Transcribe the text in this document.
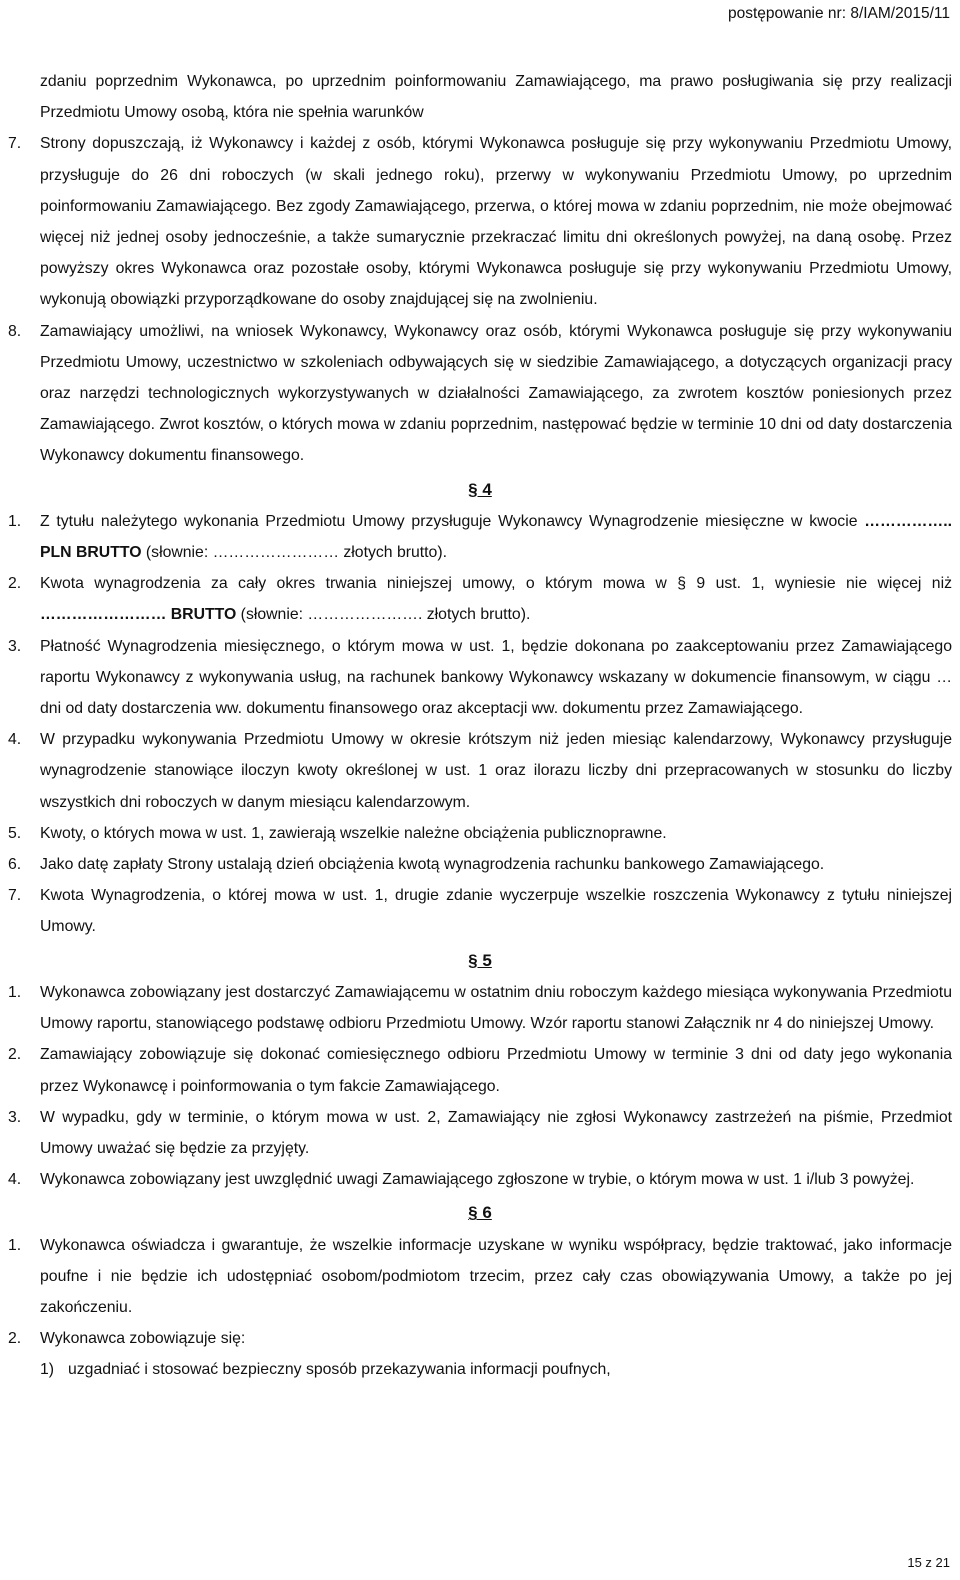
postępowanie nr: 8/IAM/2015/11

zdaniu poprzednim Wykonawca, po uprzednim poinformowaniu Zamawiającego, ma prawo posługiwania się przy realizacji Przedmiotu Umowy osobą, która nie spełnia warunków

7.	Strony dopuszczają, iż Wykonawcy i każdej z osób, którymi Wykonawca posługuje się przy wykonywaniu Przedmiotu Umowy, przysługuje do 26 dni roboczych (w skali jednego roku), przerwy w wykonywaniu Przedmiotu Umowy, po uprzednim poinformowaniu Zamawiającego. Bez zgody Zamawiającego, przerwa, o której mowa w zdaniu poprzednim, nie może obejmować więcej niż jednej osoby jednocześnie, a także sumarycznie przekraczać limitu dni określonych powyżej, na daną osobę. Przez powyższy okres Wykonawca oraz pozostałe osoby, którymi Wykonawca posługuje się przy wykonywaniu Przedmiotu Umowy, wykonują obowiązki przyporządkowane do osoby znajdującej się na zwolnieniu.
8.	Zamawiający umożliwi, na wniosek Wykonawcy, Wykonawcy oraz osób, którymi Wykonawca posługuje się przy wykonywaniu Przedmiotu Umowy, uczestnictwo w szkoleniach odbywających się w siedzibie Zamawiającego, a dotyczących organizacji pracy oraz narzędzi technologicznych wykorzystywanych w działalności Zamawiającego, za zwrotem kosztów poniesionych przez Zamawiającego. Zwrot kosztów, o których mowa w zdaniu poprzednim, następować będzie w terminie 10 dni od daty dostarczenia Wykonawcy dokumentu finansowego.
§ 4
1.	Z tytułu należytego wykonania Przedmiotu Umowy przysługuje Wykonawcy Wynagrodzenie miesięczne w kwocie …………….. PLN BRUTTO (słownie: …………………… złotych brutto).
2.	Kwota wynagrodzenia za cały okres trwania niniejszej umowy, o którym mowa w § 9 ust. 1, wyniesie nie więcej niż …………………… BRUTTO (słownie: …………………. złotych brutto).
3.	Płatność Wynagrodzenia miesięcznego, o którym mowa w ust. 1, będzie dokonana po zaakceptowaniu przez Zamawiającego raportu Wykonawcy z wykonywania usług, na rachunek bankowy Wykonawcy wskazany w dokumencie finansowym, w ciągu … dni od daty dostarczenia ww. dokumentu finansowego oraz akceptacji ww. dokumentu przez Zamawiającego.
4.	W przypadku wykonywania Przedmiotu Umowy w okresie krótszym niż jeden miesiąc kalendarzowy, Wykonawcy przysługuje wynagrodzenie stanowiące iloczyn kwoty określonej w ust. 1 oraz ilorazu liczby dni przepracowanych w stosunku do liczby wszystkich dni roboczych w danym miesiącu kalendarzowym.
5.	Kwoty, o których mowa w ust. 1, zawierają wszelkie należne obciążenia publicznoprawne.
6.	Jako datę zapłaty Strony ustalają dzień obciążenia kwotą wynagrodzenia rachunku bankowego Zamawiającego.
7.	Kwota Wynagrodzenia, o której mowa w ust. 1, drugie zdanie wyczerpuje wszelkie roszczenia Wykonawcy z tytułu niniejszej Umowy.
§ 5
1.	Wykonawca zobowiązany jest dostarczyć Zamawiającemu w ostatnim dniu roboczym każdego miesiąca wykonywania Przedmiotu Umowy raportu, stanowiącego podstawę odbioru Przedmiotu Umowy. Wzór raportu stanowi Załącznik nr 4 do niniejszej Umowy.
2.	Zamawiający zobowiązuje się dokonać comiesięcznego odbioru Przedmiotu Umowy w terminie 3 dni od daty jego wykonania przez Wykonawcę i poinformowania o tym fakcie Zamawiającego.
3.	W wypadku, gdy w terminie, o którym mowa w ust. 2, Zamawiający nie zgłosi Wykonawcy zastrzeżeń na piśmie, Przedmiot Umowy uważać się będzie za przyjęty.
4.	Wykonawca zobowiązany jest uwzględnić uwagi Zamawiającego zgłoszone w trybie, o którym mowa w ust. 1 i/lub 3 powyżej.
§ 6
1.	Wykonawca oświadcza i gwarantuje, że wszelkie informacje uzyskane w wyniku współpracy, będzie traktować, jako informacje poufne i nie będzie ich udostępniać osobom/podmiotom trzecim, przez cały czas obowiązywania Umowy, a także po jej zakończeniu.
2.	Wykonawca zobowiązuje się:
1) uzgadniać i stosować bezpieczny sposób przekazywania informacji poufnych,
15 z 21
